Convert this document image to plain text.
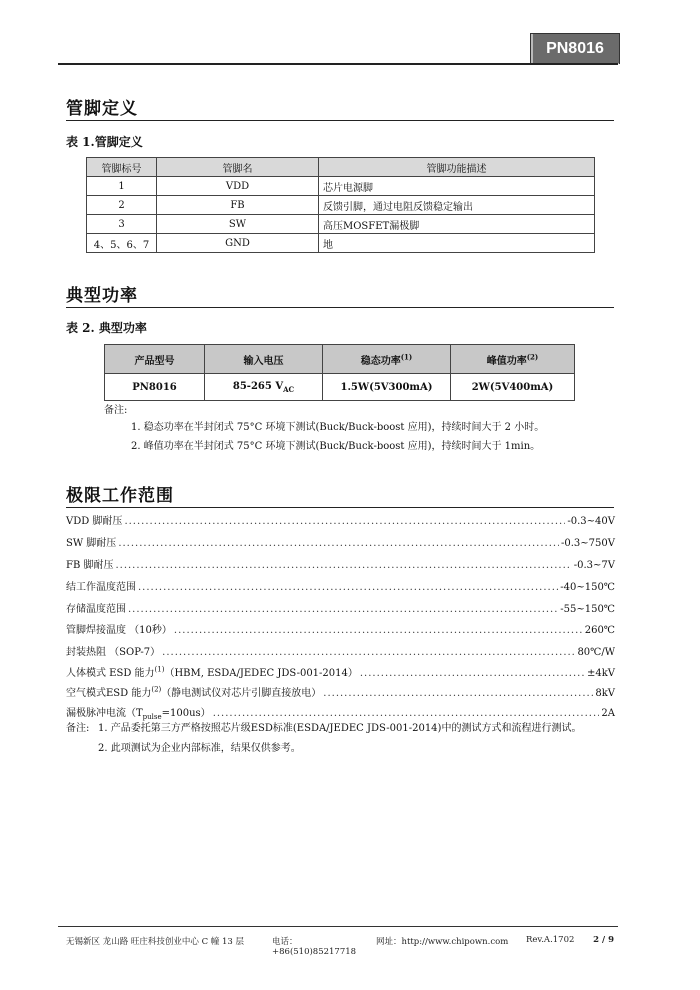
PN8016
管脚定义
表 1.管脚定义
管脚标号	管脚名	管脚功能描述
1	VDD	芯片电源脚
2	FB	反馈引脚，通过电阻反馈稳定输出
3	SW	高压MOSFET漏极脚
4、5、6、7	GND	地
典型功率
表 2. 典型功率
产品型号	输入电压	稳态功率$^{(1)}$	峰值功率$^{(2)}$
PN8016	85-265 $V_{AC}$	1.5W(5V300mA)	2W(5V400mA)
备注:
1. 稳态功率在半封闭式 75°C 环境下测试(Buck/Buck-boost 应用)，持续时间大于 2 小时。
2. 峰值功率在半封闭式 75°C 环境下测试(Buck/Buck-boost 应用)，持续时间大于 1min。
极限工作范围
VDD 脚耐压 .....	-0.3~40V
SW 脚耐压 .....	-0.3~750V
FB 脚耐压 .....	-0.3~7V
结工作温度范围 .....	-40~150℃
存储温度范围 .....	-55~150℃
管脚焊接温度 （10秒） .....	260℃
封装热阻 （SOP-7） .....	80℃/W
人体模式 ESD 能力$^{(1)}$（HBM, ESDA/JEDEC JDS-001-2014） .....	±4kV
空气模式ESD 能力$^{(2)}$（静电测试仪对芯片引脚直接放电） .....	8kV
漏极脉冲电流$(T_{pulse}=100us)$ .....	2A
备注: 1. 产品委托第三方严格按照芯片级ESD标准(ESDA/JEDEC JDS-001-2014)中的测试方式和流程进行测试。
2. 此项测试为企业内部标准，结果仅供参考。
无锡新区 龙山路 旺庄科技创业中心 C 幢 13 层	电话：+86(510)85217718
网址：http://www.chipown.com	Rev.A.1702	2 / 9
